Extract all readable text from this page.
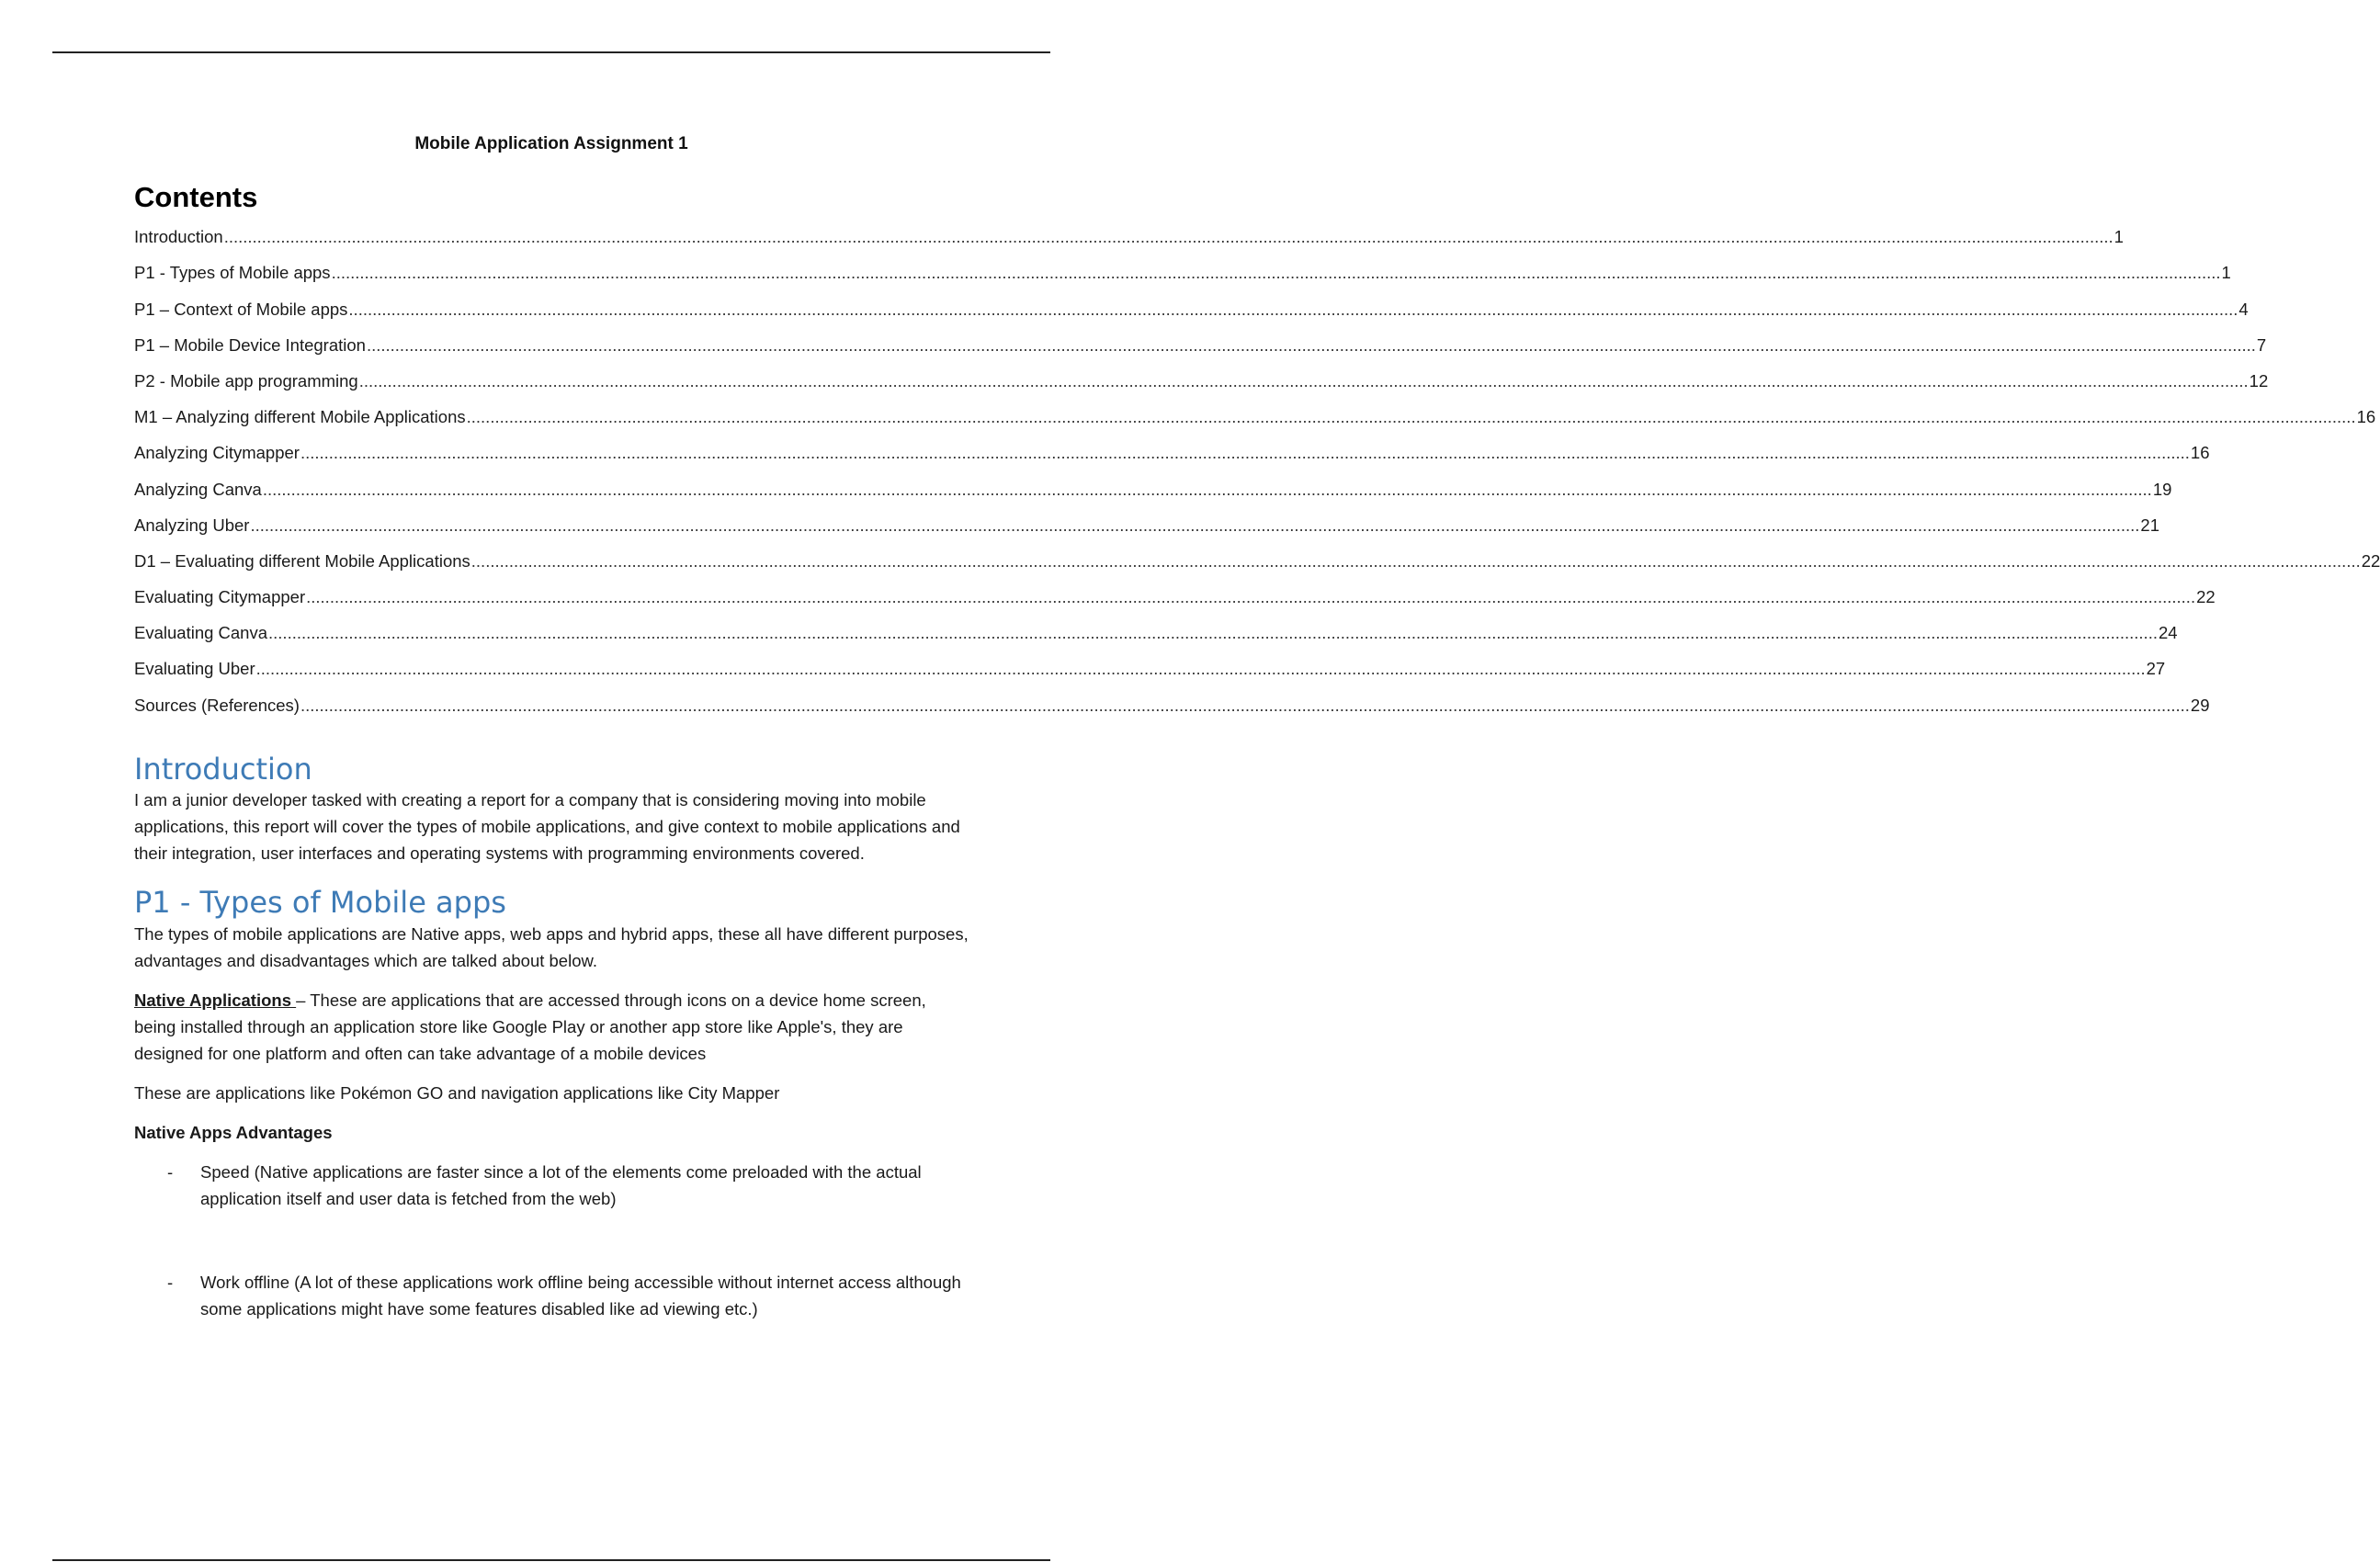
Mobile Application Assignment 1
Contents
Introduction ................................................................................................................................................................................................................................................................................................................................................................................................................ 1
P1 - Types of Mobile apps ................................................................................................................................................................................................................................................................................................................................................................................................................ 1
P1 – Context of Mobile apps ................................................................................................................................................................................................................................................................................................................................................................................................................ 4
P1 – Mobile Device Integration ................................................................................................................................................................................................................................................................................................................................................................................................................ 7
P2 - Mobile app programming ................................................................................................................................................................................................................................................................................................................................................................................................................ 12
M1 – Analyzing different Mobile Applications ................................................................................................................................................................................................................................................................................................................................................................................................................ 16
Analyzing Citymapper ................................................................................................................................................................................................................................................................................................................................................................................................................ 16
Analyzing Canva ................................................................................................................................................................................................................................................................................................................................................................................................................ 19
Analyzing Uber ................................................................................................................................................................................................................................................................................................................................................................................................................ 21
D1 – Evaluating different Mobile Applications ................................................................................................................................................................................................................................................................................................................................................................................................................ 22
Evaluating Citymapper ................................................................................................................................................................................................................................................................................................................................................................................................................ 22
Evaluating Canva ................................................................................................................................................................................................................................................................................................................................................................................................................ 24
Evaluating Uber ................................................................................................................................................................................................................................................................................................................................................................................................................ 27
Sources (References) ................................................................................................................................................................................................................................................................................................................................................................................................................ 29
Introduction

I am a junior developer tasked with creating a report for a company that is considering moving into mobile applications, this report will cover the types of mobile applications, and give context to mobile applications and their integration, user interfaces and operating systems with programming environments covered.

P1 - Types of Mobile apps

The types of mobile applications are Native apps, web apps and hybrid apps, these all have different purposes, advantages and disadvantages which are talked about below.

Native Applications – These are applications that are accessed through icons on a device home screen, being installed through an application store like Google Play or another app store like Apple's, they are designed for one platform and often can take advantage of a mobile devices

These are applications like Pokémon GO and navigation applications like City Mapper

Native Apps Advantages

-	Speed (Native applications are faster since a lot of the elements come preloaded with the actual application itself and user data is fetched from the web)
-	Work offline (A lot of these applications work offline being accessible without internet access although some applications might have some features disabled like ad viewing etc.)
